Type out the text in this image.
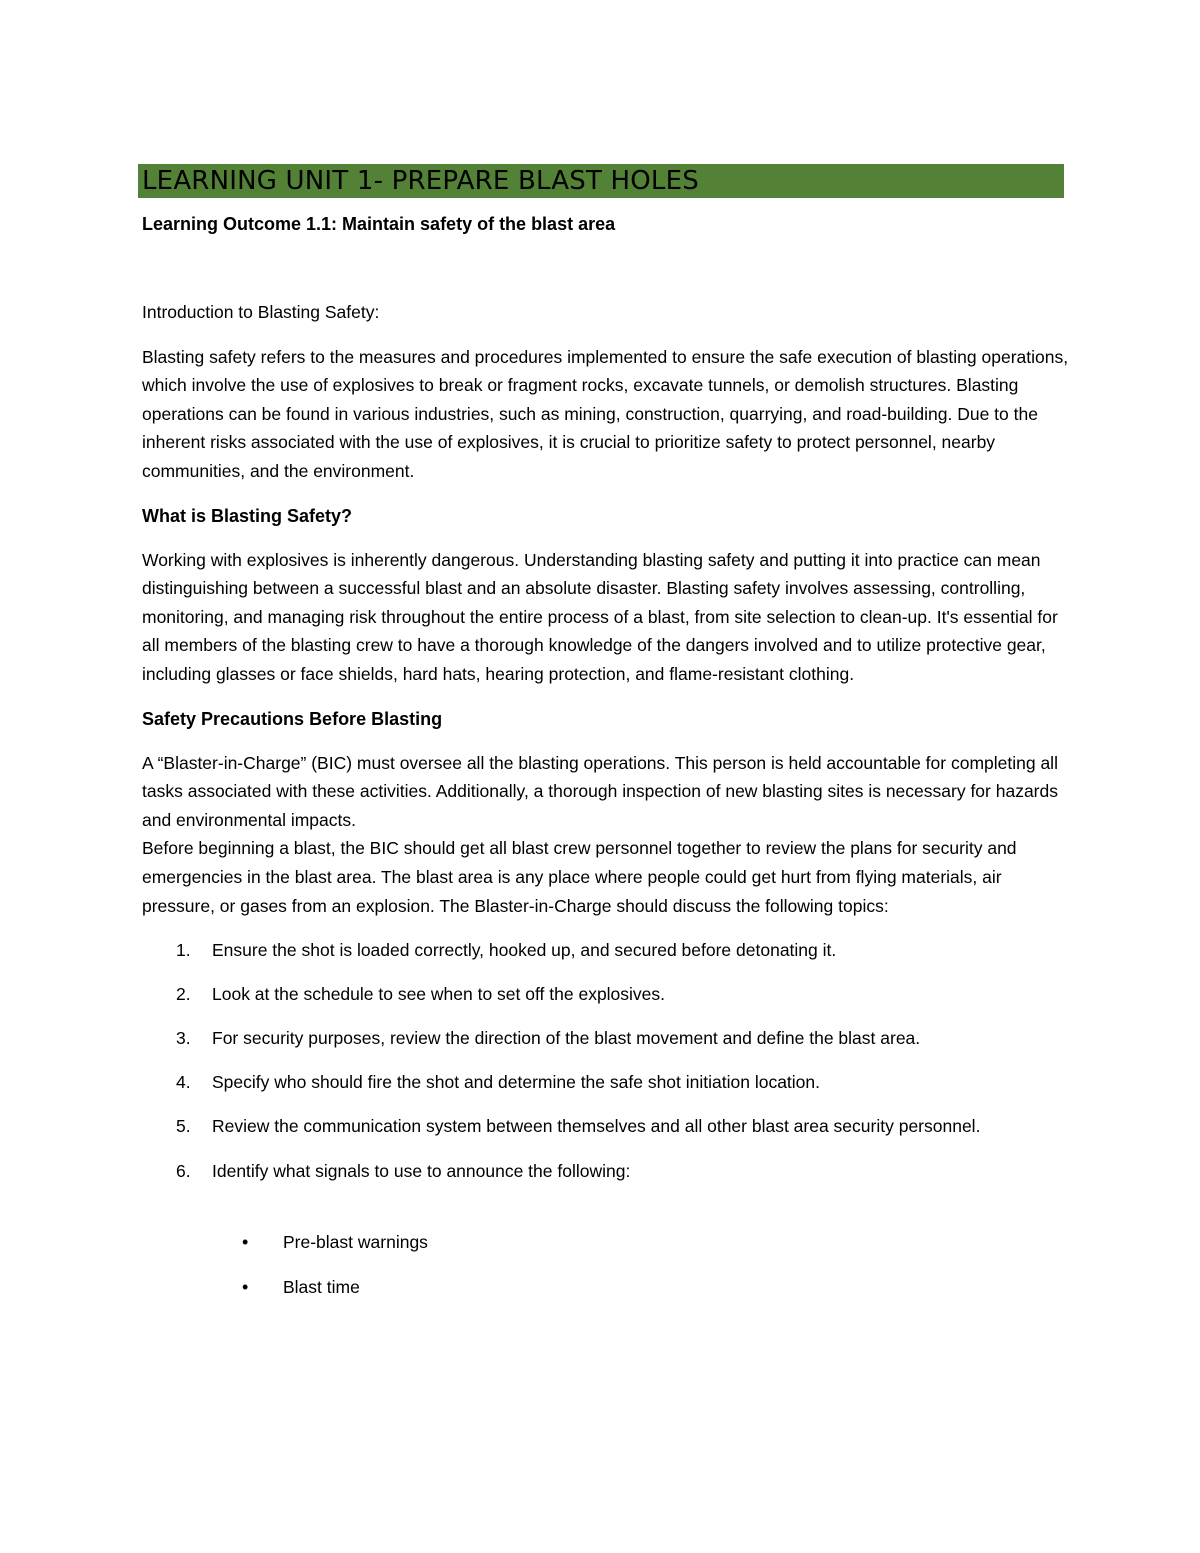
LEARNING UNIT 1- PREPARE BLAST HOLES
Learning Outcome 1.1: Maintain safety of the blast area

Introduction to Blasting Safety:

Blasting safety refers to the measures and procedures implemented to ensure the safe execution of blasting operations, which involve the use of explosives to break or fragment rocks, excavate tunnels, or demolish structures. Blasting operations can be found in various industries, such as mining, construction, quarrying, and road-building. Due to the inherent risks associated with the use of explosives, it is crucial to prioritize safety to protect personnel, nearby communities, and the environment.

What is Blasting Safety?

Working with explosives is inherently dangerous. Understanding blasting safety and putting it into practice can mean distinguishing between a successful blast and an absolute disaster. Blasting safety involves assessing, controlling, monitoring, and managing risk throughout the entire process of a blast, from site selection to clean-up. It's essential for all members of the blasting crew to have a thorough knowledge of the dangers involved and to utilize protective gear, including glasses or face shields, hard hats, hearing protection, and flame-resistant clothing.

Safety Precautions Before Blasting

A “Blaster-in-Charge” (BIC) must oversee all the blasting operations. This person is held accountable for completing all tasks associated with these activities. Additionally, a thorough inspection of new blasting sites is necessary for hazards and environmental impacts.

Before beginning a blast, the BIC should get all blast crew personnel together to review the plans for security and emergencies in the blast area. The blast area is any place where people could get hurt from flying materials, air pressure, or gases from an explosion. The Blaster-in-Charge should discuss the following topics:

1. Ensure the shot is loaded correctly, hooked up, and secured before detonating it.
2. Look at the schedule to see when to set off the explosives.
3. For security purposes, review the direction of the blast movement and define the blast area.
4. Specify who should fire the shot and determine the safe shot initiation location.
5. Review the communication system between themselves and all other blast area security personnel.
6. Identify what signals to use to announce the following:
• Pre-blast warnings
• Blast time
